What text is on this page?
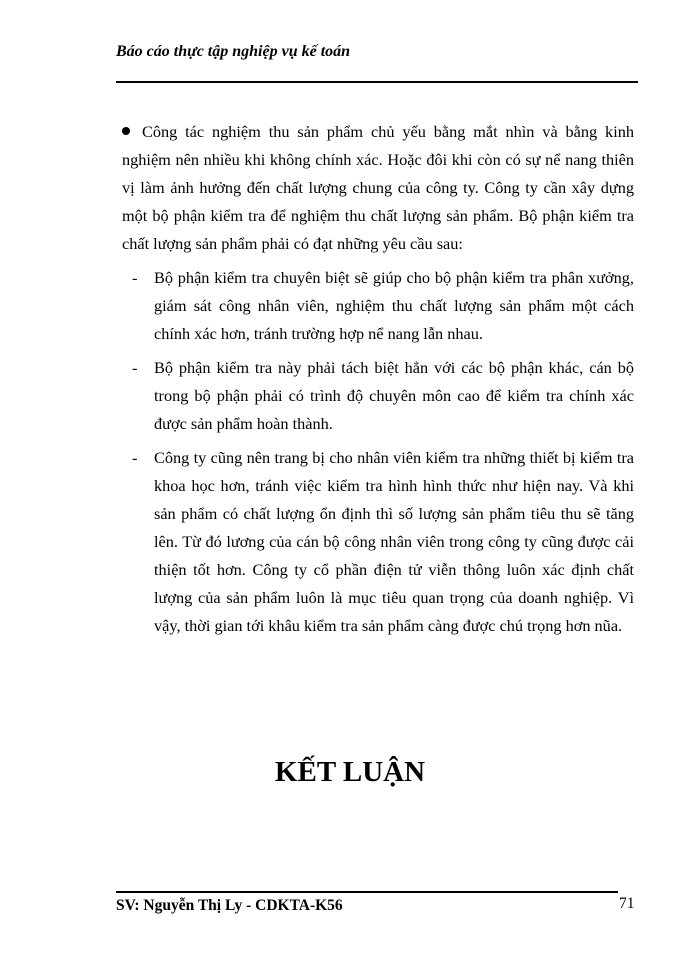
Báo cáo thực tập nghiệp vụ kế toán

Công tác nghiệm thu sản phẩm chủ yếu bằng mắt nhìn và bằng kinh nghiệm nên nhiều khi không chính xác. Hoặc đôi khi còn có sự nể nang thiên vị làm ảnh hưởng đến chất lượng chung của công ty. Công ty cần xây dựng một bộ phận kiểm tra để nghiệm thu chất lượng sản phẩm. Bộ phận kiểm tra chất lượng sản phẩm phải có đạt những yêu cầu sau:

-	Bộ phận kiểm tra chuyên biệt sẽ giúp cho bộ phận kiểm tra phân xưởng, giám sát công nhân viên, nghiệm thu chất lượng sản phẩm một cách chính xác hơn, tránh trường hợp nể nang lẫn nhau.

-	Bộ phận kiểm tra này phải tách biệt hẳn với các bộ phận khác, cán bộ trong bộ phận phải có trình độ chuyên môn cao để kiểm tra chính xác được sản phẩm hoàn thành.

-	Công ty cũng nên trang bị cho nhân viên kiểm tra những thiết bị kiểm tra khoa học hơn, tránh việc kiểm tra hình hình thức như hiện nay. Và khi sản phẩm có chất lượng ổn định thì số lượng sản phẩm tiêu thu sẽ tăng lên. Từ đó lương của cán bộ công nhân viên trong công ty cũng được cải thiện tốt hơn. Công ty cổ phần điện tử viễn thông luôn xác định chất lượng của sản phẩm luôn là mục tiêu quan trọng của doanh nghiệp. Vì vậy, thời gian tới khâu kiểm tra sản phẩm càng được chú trọng hơn nũa.

KẾT LUẬN
SV: Nguyễn Thị Ly - CDKTA-K56	71
